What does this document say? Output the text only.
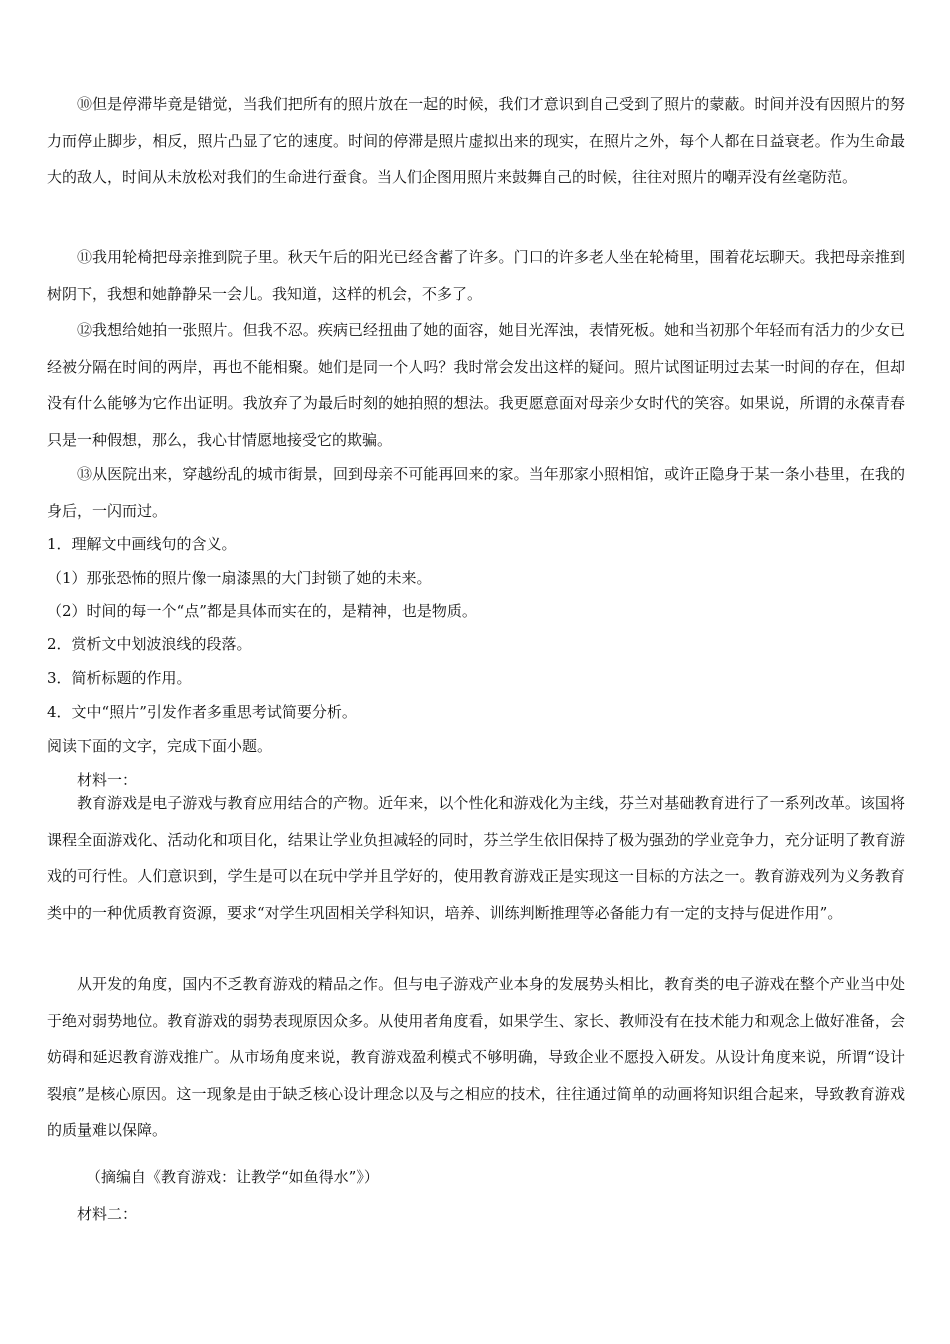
⑩但是停滞毕竟是错觉，当我们把所有的照片放在一起的时候，我们才意识到自己受到了照片的蒙蔽。时间并没有因照片的努力而停止脚步，相反，照片凸显了它的速度。时间的停滞是照片虚拟出来的现实，在照片之外，每个人都在日益衰老。作为生命最大的敌人，时间从未放松对我们的生命进行蚕食。当人们企图用照片来鼓舞自己的时候，往往对照片的嘲弄没有丝毫防范。

⑪我用轮椅把母亲推到院子里。秋天午后的阳光已经含蓄了许多。门口的许多老人坐在轮椅里，围着花坛聊天。我把母亲推到树阴下，我想和她静静呆一会儿。我知道，这样的机会，不多了。

⑫我想给她拍一张照片。但我不忍。疾病已经扭曲了她的面容，她目光浑浊，表情死板。她和当初那个年轻而有活力的少女已经被分隔在时间的两岸，再也不能相聚。她们是同一个人吗？我时常会发出这样的疑问。照片试图证明过去某一时间的存在，但却没有什么能够为它作出证明。我放弃了为最后时刻的她拍照的想法。我更愿意面对母亲少女时代的笑容。如果说，所谓的永葆青春只是一种假想，那么，我心甘情愿地接受它的欺骗。

⑬从医院出来，穿越纷乱的城市街景，回到母亲不可能再回来的家。当年那家小照相馆，或许正隐身于某一条小巷里，在我的身后，一闪而过。

1．理解文中画线句的含义。

（1）那张恐怖的照片像一扇漆黑的大门封锁了她的未来。

（2）时间的每一个“点”都是具体而实在的，是精神，也是物质。

2．赏析文中划波浪线的段落。

3．简析标题的作用。

4．文中“照片”引发作者多重思考试简要分析。

阅读下面的文字，完成下面小题。

材料一：

教育游戏是电子游戏与教育应用结合的产物。近年来，以个性化和游戏化为主线，芬兰对基础教育进行了一系列改革。该国将课程全面游戏化、活动化和项目化，结果让学业负担减轻的同时，芬兰学生依旧保持了极为强劲的学业竞争力，充分证明了教育游戏的可行性。人们意识到，学生是可以在玩中学并且学好的，使用教育游戏正是实现这一目标的方法之一。教育游戏列为义务教育类中的一种优质教育资源，要求“对学生巩固相关学科知识，培养、训练判断推理等必备能力有一定的支持与促进作用”。

从开发的角度，国内不乏教育游戏的精品之作。但与电子游戏产业本身的发展势头相比，教育类的电子游戏在整个产业当中处于绝对弱势地位。教育游戏的弱势表现原因众多。从使用者角度看，如果学生、家长、教师没有在技术能力和观念上做好准备，会妨碍和延迟教育游戏推广。从市场角度来说，教育游戏盈利模式不够明确，导致企业不愿投入研发。从设计角度来说，所谓“设计裂痕”是核心原因。这一现象是由于缺乏核心设计理念以及与之相应的技术，往往通过简单的动画将知识组合起来，导致教育游戏的质量难以保障。

（摘编自《教育游戏：让教学“如鱼得水”》）

材料二：
